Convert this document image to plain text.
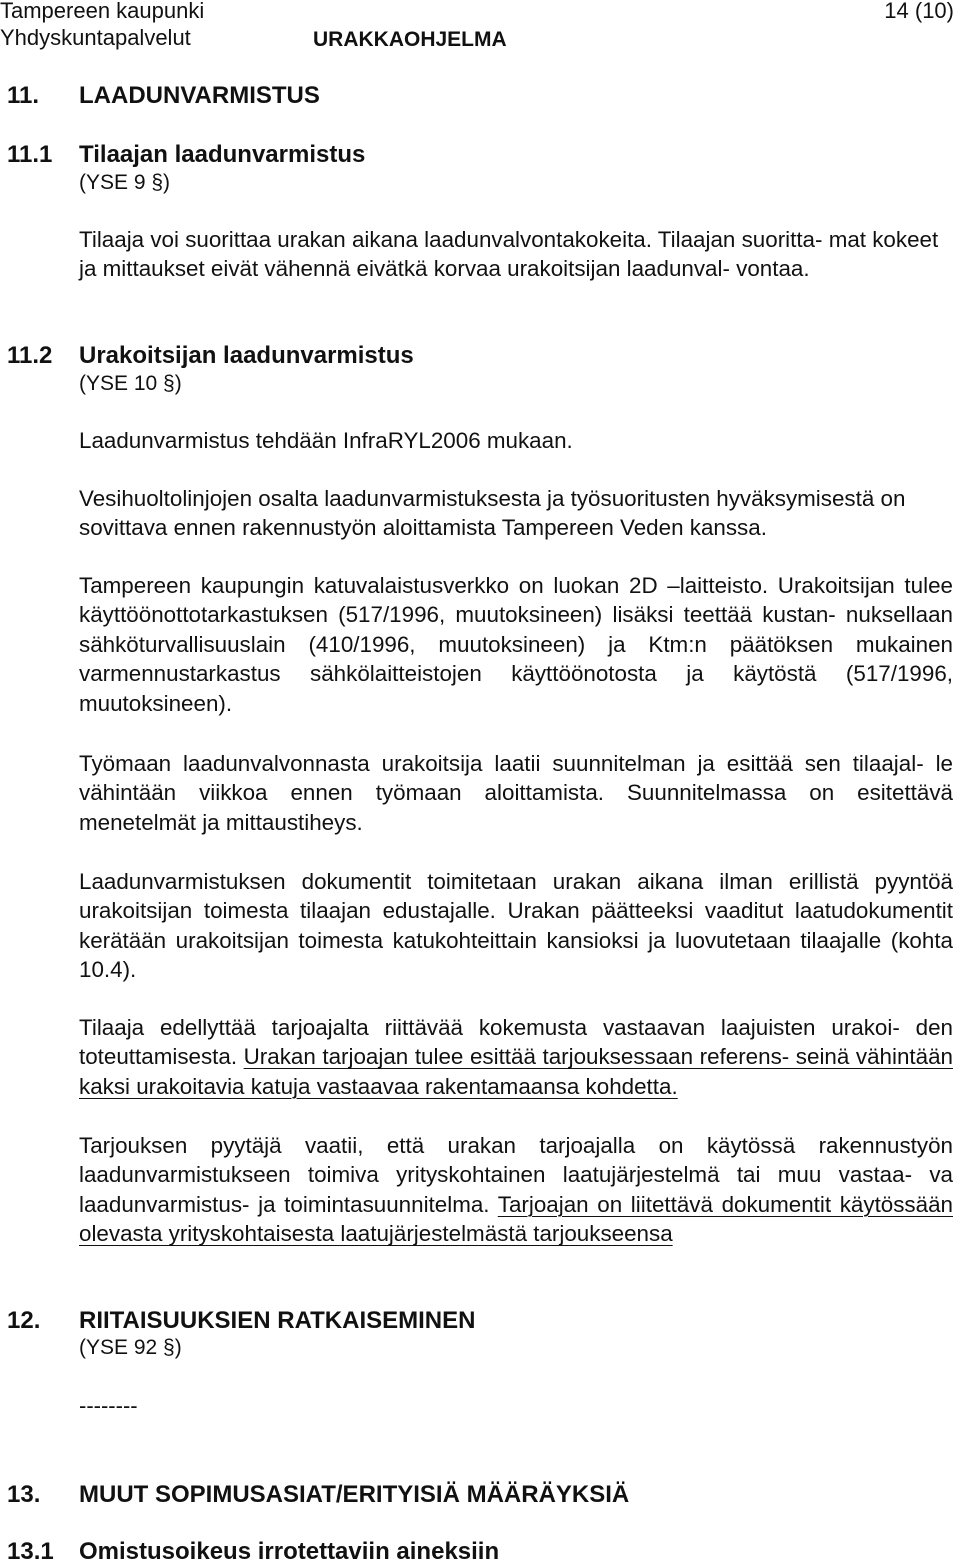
Tampereen kaupunki
Yhdyskuntapalvelut	URAKKAOHJELMA
14 (10)
11. LAADUNVARMISTUS
11.1 Tilaajan laadunvarmistus
(YSE 9 §)
Tilaaja voi suorittaa urakan aikana laadunvalvontakokeita. Tilaajan suoritta- mat kokeet ja mittaukset eivät vähennä eivätkä korvaa urakoitsijan laadunval- vontaa.
11.2 Urakoitsijan laadunvarmistus
(YSE 10 §)
Laadunvarmistus tehdään InfraRYL2006 mukaan.
Vesihuoltolinjojen osalta laadunvarmistuksesta ja työsuoritusten hyväksymisestä on sovittava ennen rakennustyön aloittamista Tampereen Veden kanssa.
Tampereen kaupungin katuvalaistusverkko on luokan 2D –laitteisto. Urakoitsijan tulee käyttöönottotarkastuksen (517/1996, muutoksineen) lisäksi teettää kustan- nuksellaan sähköturvallisuuslain (410/1996, muutoksineen) ja Ktm:n päätöksen mukainen varmennustarkastus sähkölaitteistojen käyttöönotosta ja käytöstä (517/1996, muutoksineen).
Työmaan laadunvalvonnasta urakoitsija laatii suunnitelman ja esittää sen tilaajal- le vähintään viikkoa ennen työmaan aloittamista. Suunnitelmassa on esitettävä menetelmät ja mittaustiheys.
Laadunvarmistuksen dokumentit toimitetaan urakan aikana ilman erillistä pyyntöä urakoitsijan toimesta tilaajan edustajalle. Urakan päätteeksi vaaditut laatudokumentit kerätään urakoitsijan toimesta katukohteittain kansioksi ja luovutetaan tilaajalle (kohta 10.4).
Tilaaja edellyttää tarjoajalta riittävää kokemusta vastaavan laajuisten urakoi- den toteuttamisesta. Urakan tarjoajan tulee esittää tarjouksessaan referens- seinä vähintään kaksi urakoitavia katuja vastaavaa rakentamaansa kohdetta.
Tarjouksen pyytäjä vaatii, että urakan tarjoajalla on käytössä rakennustyön laadunvarmistukseen toimiva yrityskohtainen laatujärjestelmä tai muu vastaa- va laadunvarmistus- ja toimintasuunnitelma. Tarjoajan on liitettävä dokumentit käytössään olevasta yrityskohtaisesta laatujärjestelmästä tarjoukseensa
12. RIITAISUUKSIEN RATKAISEMINEN
(YSE 92 §)
--------
13. MUUT SOPIMUSASIAT/ERITYISIÄ MÄÄRÄYKSIÄ
13.1 Omistusoikeus irrotettaviin aineksiin
